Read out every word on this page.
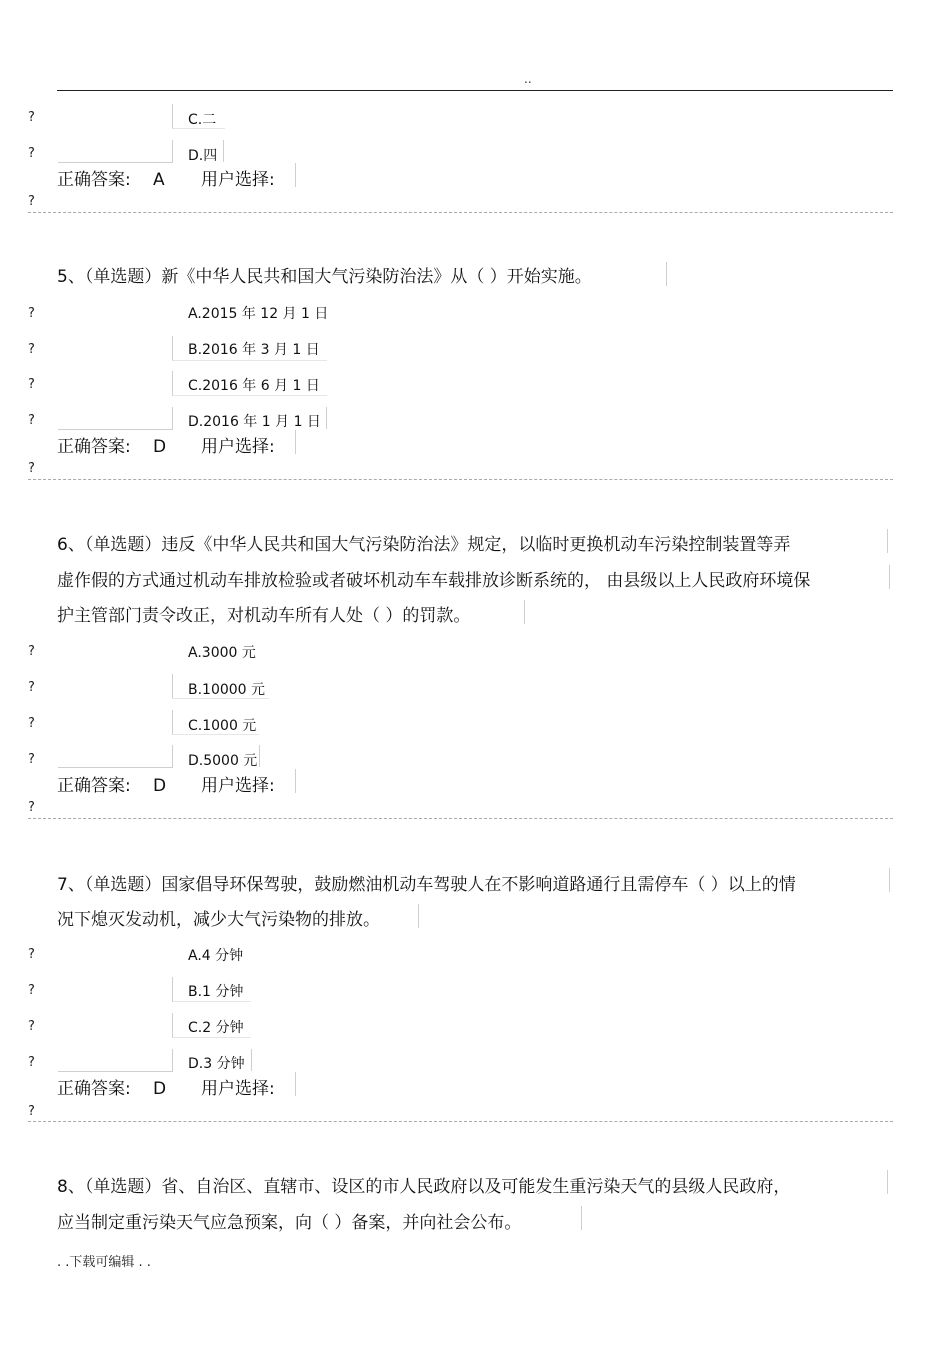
..
?	C.二
?	D.四
正确答案: A 用户选择:
?
5、（单选题）新《中华人民共和国大气污染防治法》从（ ）开始实施。
?	A.2015 年 12 月 1 日
?	B.2016 年 3 月 1 日
?	C.2016 年 6 月 1 日
?	D.2016 年 1 月 1 日
正确答案: D 用户选择:
?
6、（单选题）违反《中华人民共和国大气污染防治法》规定，以临时更换机动车污染控制装置等弄
虚作假的方式通过机动车排放检验或者破坏机动车车载排放诊断系统的， 由县级以上人民政府环境保
护主管部门责令改正，对机动车所有人处（ ）的罚款。
?	A.3000 元
?	B.10000 元
?	C.1000 元
?	D.5000 元
正确答案: D 用户选择:
?
7、（单选题）国家倡导环保驾驶，鼓励燃油机动车驾驶人在不影响道路通行且需停车（ ）以上的情
况下熄灭发动机，减少大气污染物的排放。
?	A.4 分钟
?	B.1 分钟
?	C.2 分钟
?	D.3 分钟
正确答案: D 用户选择:
?
8、（单选题）省、自治区、直辖市、设区的市人民政府以及可能发生重污染天气的县级人民政府，
应当制定重污染天气应急预案，向（ ）备案，并向社会公布。
. .下载可编辑 . .
